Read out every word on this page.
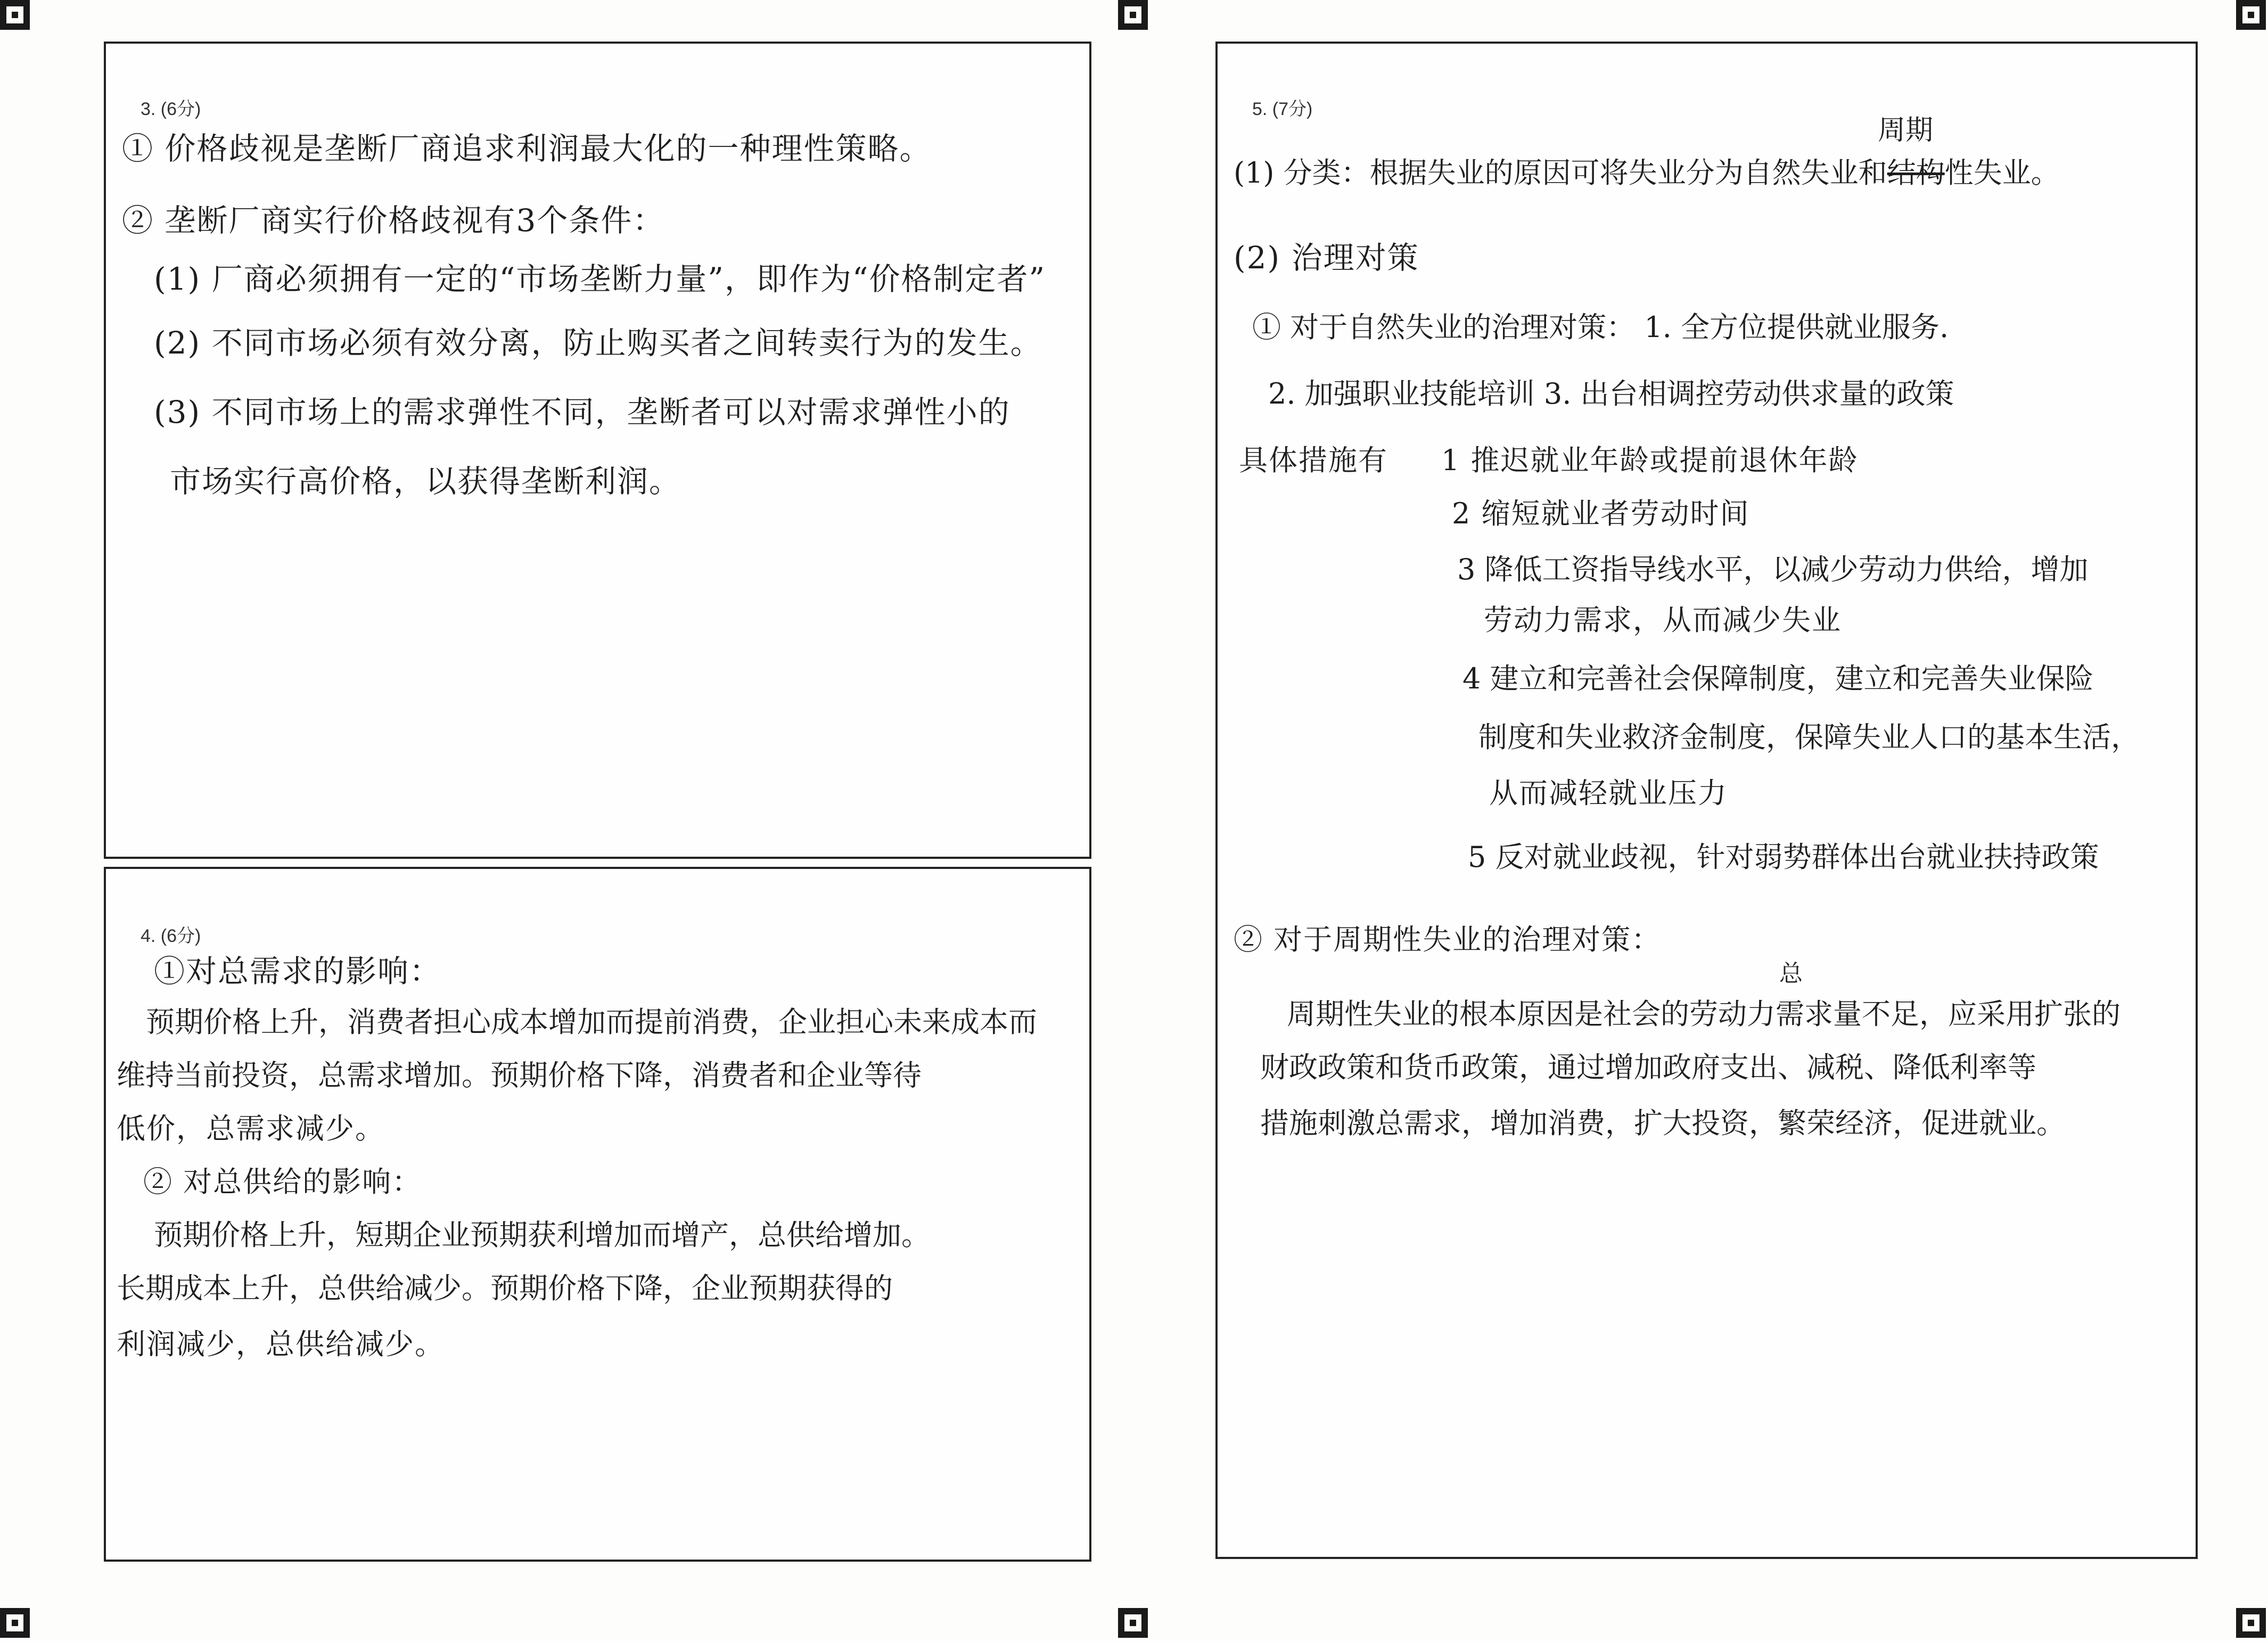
3. (6分)
① 价格歧视是垄断厂商追求利润最大化的一种理性策略。
② 垄断厂商实行价格歧视有3个条件：
(1) 厂商必须拥有一定的“市场垄断力量”，即作为“价格制定者”
(2) 不同市场必须有效分离，防止购买者之间转卖行为的发生。
(3) 不同市场上的需求弹性不同，垄断者可以对需求弹性小的
市场实行高价格，以获得垄断利润。
4. (6分)
①对总需求的影响：
预期价格上升，消费者担心成本增加而提前消费，企业担心未来成本而
维持当前投资，总需求增加。预期价格下降，消费者和企业等待
低价，总需求减少。
② 对总供给的影响：
预期价格上升，短期企业预期获利增加而增产，总供给增加。
长期成本上升，总供给减少。预期价格下降，企业预期获得的
利润减少，总供给减少。
5. (7分)
(1) 分类：根据失业的原因可将失业分为自然失业和结构性失业。
周期
(2) 治理对策
① 对于自然失业的治理对策： 1. 全方位提供就业服务.
2. 加强职业技能培训 3. 出台相调控劳动供求量的政策
具体措施有 1 推迟就业年龄或提前退休年龄
2 缩短就业者劳动时间
3 降低工资指导线水平，以减少劳动力供给，增加
劳动力需求，从而减少失业
4 建立和完善社会保障制度，建立和完善失业保险
制度和失业救济金制度，保障失业人口的基本生活，
从而减轻就业压力
5 反对就业歧视，针对弱势群体出台就业扶持政策
② 对于周期性失业的治理对策：
总
周期性失业的根本原因是社会的劳动力需求量不足，应采用扩张的
财政政策和货币政策，通过增加政府支出、减税、降低利率等
措施刺激总需求，增加消费，扩大投资，繁荣经济，促进就业。
